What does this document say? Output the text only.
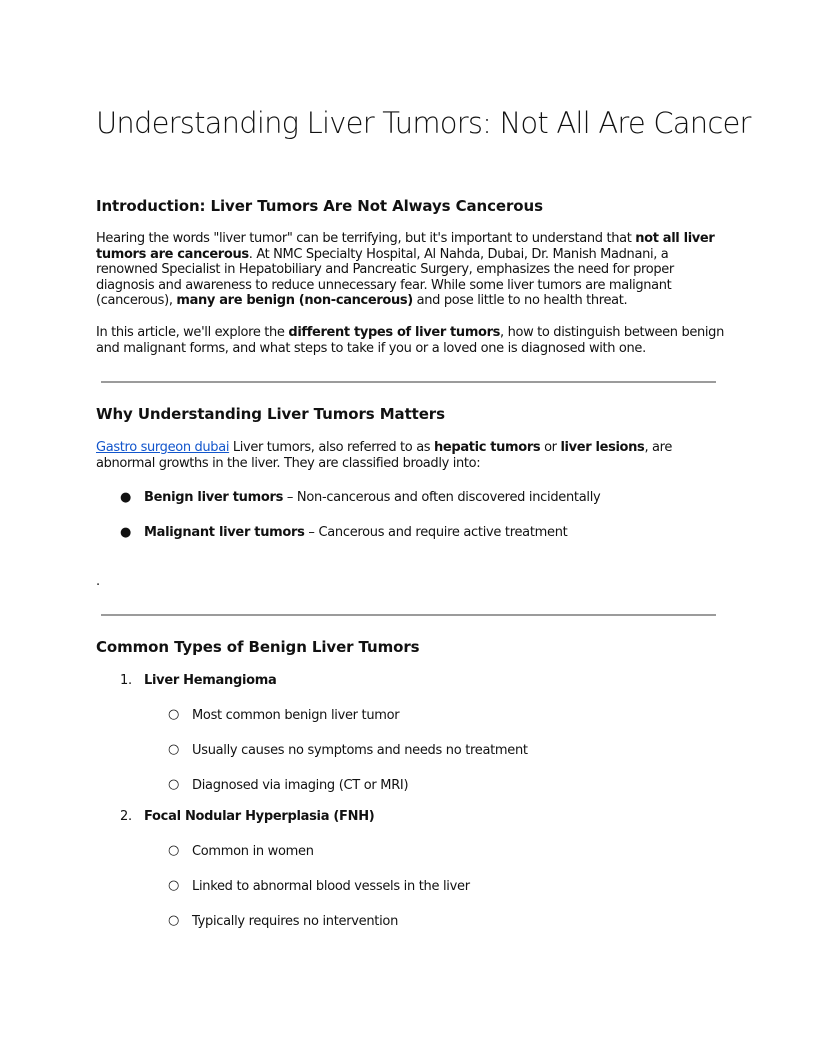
Understanding Liver Tumors: Not All Are Cancer
Introduction: Liver Tumors Are Not Always Cancerous

Hearing the words "liver tumor" can be terrifying, but it's important to understand that not all liver tumors are cancerous. At NMC Specialty Hospital, Al Nahda, Dubai, Dr. Manish Madnani, a renowned Specialist in Hepatobiliary and Pancreatic Surgery, emphasizes the need for proper diagnosis and awareness to reduce unnecessary fear. While some liver tumors are malignant (cancerous), many are benign (non-cancerous) and pose little to no health threat.

In this article, we'll explore the different types of liver tumors, how to distinguish between benign and malignant forms, and what steps to take if you or a loved one is diagnosed with one.

Why Understanding Liver Tumors Matters

Gastro surgeon dubai Liver tumors, also referred to as hepatic tumors or liver lesions, are abnormal growths in the liver. They are classified broadly into:

● Benign liver tumors – Non-cancerous and often discovered incidentally
● Malignant liver tumors – Cancerous and require active treatment
.
Common Types of Benign Liver Tumors
1. Liver Hemangioma
○ Most common benign liver tumor
○ Usually causes no symptoms and needs no treatment
○ Diagnosed via imaging (CT or MRI)
2. Focal Nodular Hyperplasia (FNH)
○ Common in women
○ Linked to abnormal blood vessels in the liver
○ Typically requires no intervention
